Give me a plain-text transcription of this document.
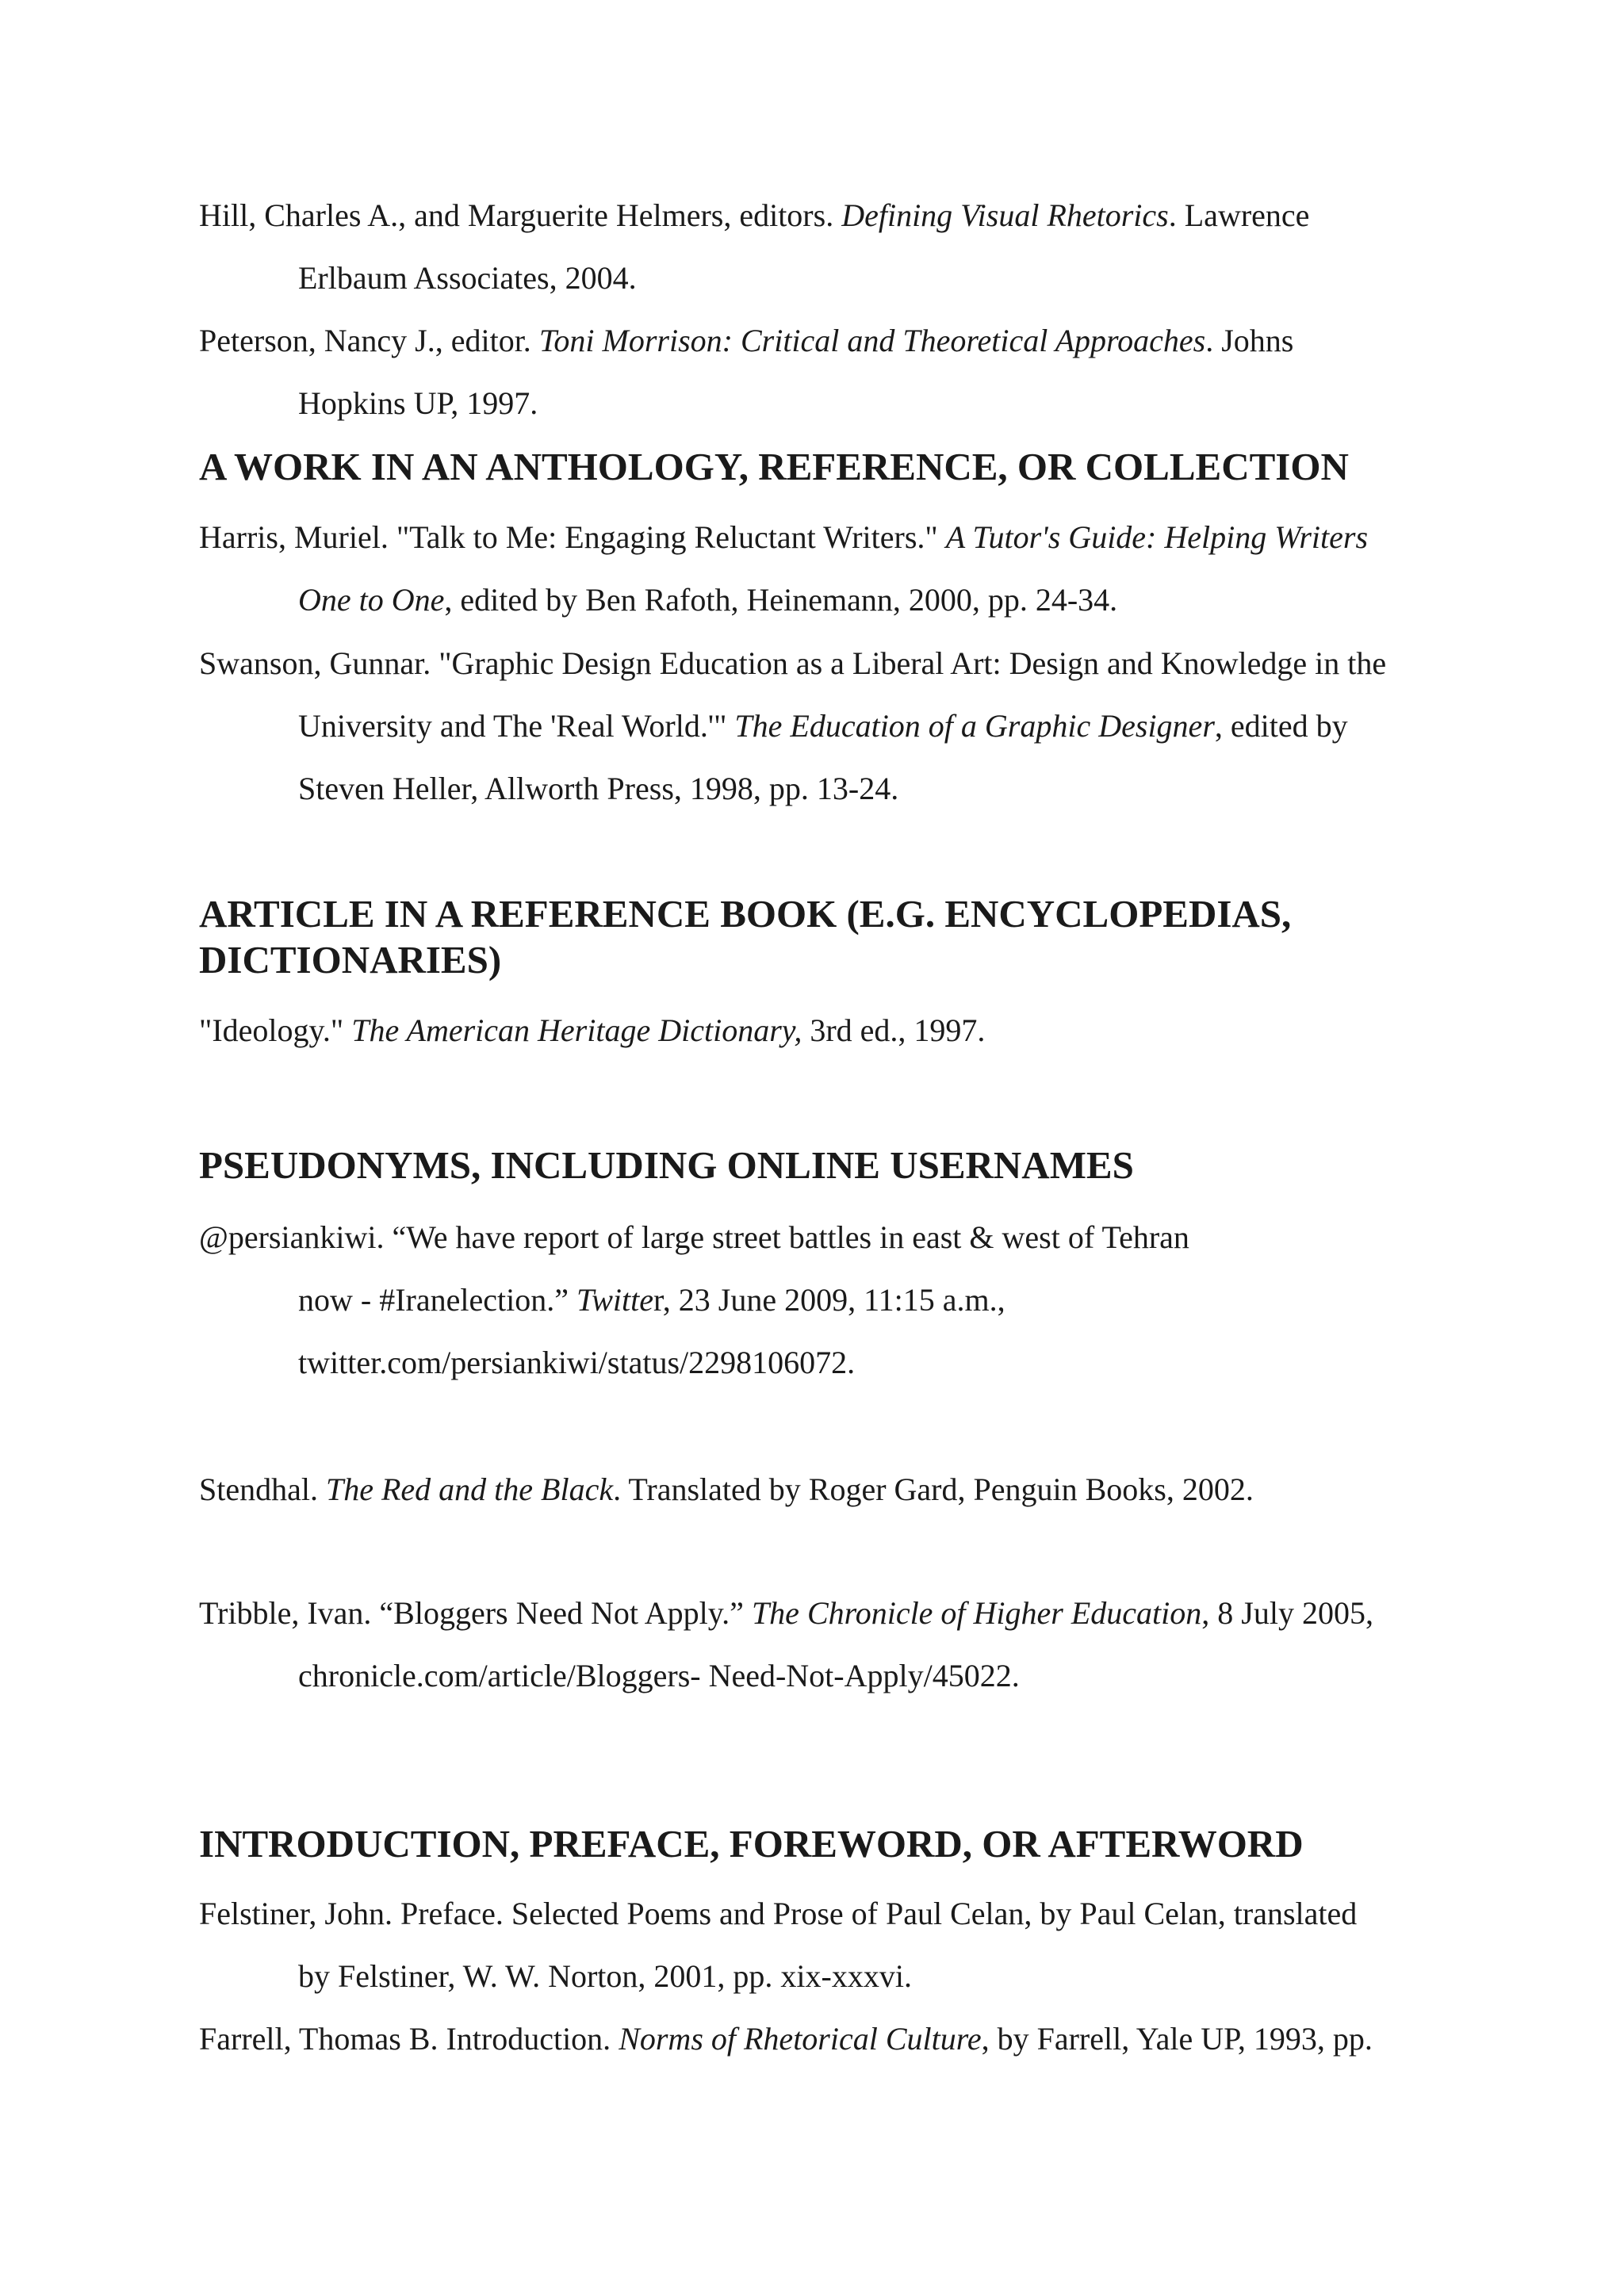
Hill, Charles A., and Marguerite Helmers, editors. Defining Visual Rhetorics. Lawrence
Erlbaum Associates, 2004.
Peterson, Nancy J., editor. Toni Morrison: Critical and Theoretical Approaches. Johns
Hopkins UP, 1997.
A WORK IN AN ANTHOLOGY, REFERENCE, OR COLLECTION
Harris, Muriel. "Talk to Me: Engaging Reluctant Writers." A Tutor's Guide: Helping Writers
One to One, edited by Ben Rafoth, Heinemann, 2000, pp. 24-34.
Swanson, Gunnar. "Graphic Design Education as a Liberal Art: Design and Knowledge in the
University and The 'Real World.'" The Education of a Graphic Designer, edited by
Steven Heller, Allworth Press, 1998, pp. 13-24.
ARTICLE IN A REFERENCE BOOK (E.G. ENCYCLOPEDIAS,
DICTIONARIES)
"Ideology." The American Heritage Dictionary, 3rd ed., 1997.
PSEUDONYMS, INCLUDING ONLINE USERNAMES
@persiankiwi. “We have report of large street battles in east & west of Tehran
now - #Iranelection.” Twitter, 23 June 2009, 11:15 a.m.,
twitter.com/persiankiwi/status/2298106072.
Stendhal. The Red and the Black. Translated by Roger Gard, Penguin Books, 2002.
Tribble, Ivan. “Bloggers Need Not Apply.” The Chronicle of Higher Education, 8 July 2005,
chronicle.com/article/Bloggers- Need-Not-Apply/45022.
INTRODUCTION, PREFACE, FOREWORD, OR AFTERWORD
Felstiner, John. Preface. Selected Poems and Prose of Paul Celan, by Paul Celan, translated
by Felstiner, W. W. Norton, 2001, pp. xix-xxxvi.
Farrell, Thomas B. Introduction. Norms of Rhetorical Culture, by Farrell, Yale UP, 1993, pp.
